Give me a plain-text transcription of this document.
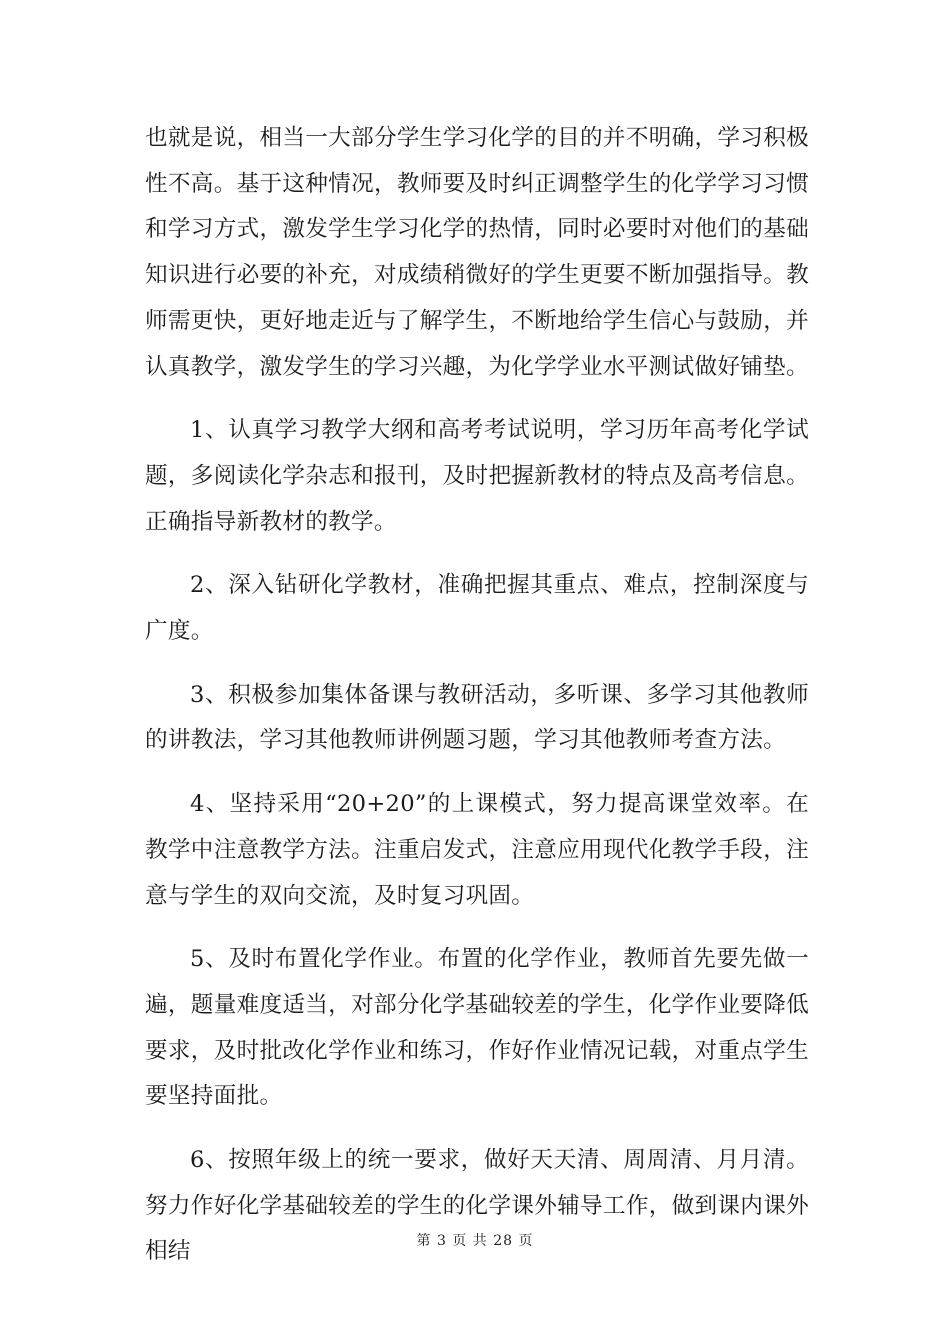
也就是说，相当一大部分学生学习化学的目的并不明确，学习积极性不高。基于这种情况，教师要及时纠正调整学生的化学学习习惯和学习方式，激发学生学习化学的热情，同时必要时对他们的基础知识进行必要的补充，对成绩稍微好的学生更要不断加强指导。教师需更快，更好地走近与了解学生，不断地给学生信心与鼓励，并认真教学，激发学生的学习兴趣，为化学学业水平测试做好铺垫。

1、认真学习教学大纲和高考考试说明，学习历年高考化学试题，多阅读化学杂志和报刊，及时把握新教材的特点及高考信息。正确指导新教材的教学。

2、深入钻研化学教材，准确把握其重点、难点，控制深度与广度。

3、积极参加集体备课与教研活动，多听课、多学习其他教师的讲教法，学习其他教师讲例题习题，学习其他教师考查方法。

4、坚持采用“20+20”的上课模式，努力提高课堂效率。在教学中注意教学方法。注重启发式，注意应用现代化教学手段，注意与学生的双向交流，及时复习巩固。

5、及时布置化学作业。布置的化学作业，教师首先要先做一遍，题量难度适当，对部分化学基础较差的学生，化学作业要降低要求，及时批改化学作业和练习，作好作业情况记载，对重点学生要坚持面批。

6、按照年级上的统一要求，做好天天清、周周清、月月清。努力作好化学基础较差的学生的化学课外辅导工作，做到课内课外相结	第 3 页 共 28 页
